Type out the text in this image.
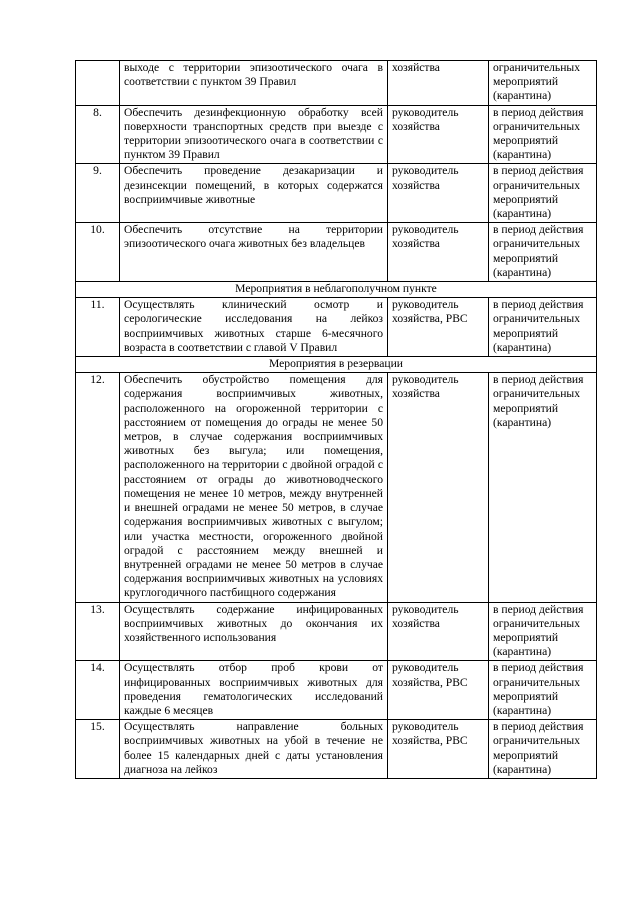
	выходе с территории эпизоотического очага в соответствии с пунктом 39 Правил	хозяйства	ограничительных мероприятий (карантина)
8.	Обеспечить дезинфекционную обработку всей поверхности транспортных средств при выезде с территории эпизоотического очага в соответствии с пунктом 39 Правил	руководитель хозяйства	в период действия ограничительных мероприятий (карантина)
9.	Обеспечить проведение дезакаризации и дезинсекции помещений, в которых содержатся восприимчивые животные	руководитель хозяйства	в период действия ограничительных мероприятий (карантина)
10.	Обеспечить отсутствие на территории эпизоотического очага животных без владельцев	руководитель хозяйства	в период действия ограничительных мероприятий (карантина)
Мероприятия в неблагополучном пункте			
11.	Осуществлять клинический осмотр и серологические исследования на лейкоз восприимчивых животных старше 6-месячного возраста в соответствии с главой V Правил	руководитель хозяйства, РВС	в период действия ограничительных мероприятий (карантина)
Мероприятия в резервации			
12.	Обеспечить обустройство помещения для содержания восприимчивых животных, расположенного на огороженной территории с расстоянием от помещения до ограды не менее 50 метров, в случае содержания восприимчивых животных без выгула; или помещения, расположенного на территории с двойной оградой с расстоянием от ограды до животноводческого помещения не менее 10 метров, между внутренней и внешней оградами не менее 50 метров, в случае содержания восприимчивых животных с выгулом; или участка местности, огороженного двойной оградой с расстоянием между внешней и внутренней оградами не менее 50 метров в случае содержания восприимчивых животных на условиях круглогодичного пастбищного содержания	руководитель хозяйства	в период действия ограничительных мероприятий (карантина)
13.	Осуществлять содержание инфицированных восприимчивых животных до окончания их хозяйственного использования	руководитель хозяйства	в период действия ограничительных мероприятий (карантина)
14.	Осуществлять отбор проб крови от инфицированных восприимчивых животных для проведения гематологических исследований каждые 6 месяцев	руководитель хозяйства, РВС	в период действия ограничительных мероприятий (карантина)
15.	Осуществлять направление больных восприимчивых животных на убой в течение не более 15 календарных дней с даты установления диагноза на лейкоз	руководитель хозяйства, РВС	в период действия ограничительных мероприятий (карантина)
